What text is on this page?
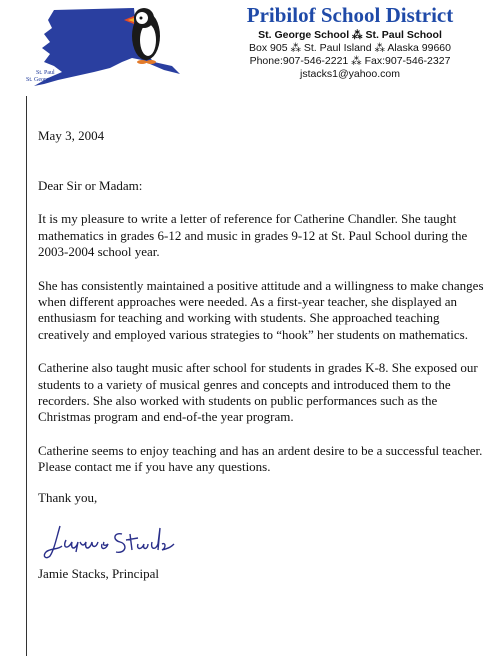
St. Paul
St. George
Pribilof School District
St. George School ⁂ St. Paul School
Box 905 ⁂ St. Paul Island ⁂ Alaska 99660
Phone:907-546-2221 ⁂ Fax:907-546-2327
jstacks1@yahoo.com
May 3, 2004

Dear Sir or Madam:

It is my pleasure to write a letter of reference for Catherine Chandler. She taught mathematics in grades 6-12 and music in grades 9-12 at St. Paul School during the 2003-2004 school year.

She has consistently maintained a positive attitude and a willingness to make changes when different approaches were needed. As a first-year teacher, she displayed an enthusiasm for teaching and working with students. She approached teaching creatively and employed various strategies to “hook” her students on mathematics.

Catherine also taught music after school for students in grades K-8. She exposed our students to a variety of musical genres and concepts and introduced them to the recorders. She also worked with students on public performances such as the Christmas program and end-of-the year program.

Catherine seems to enjoy teaching and has an ardent desire to be a successful teacher. Please contact me if you have any questions.

Thank you,
Jamie Stacks, Principal
